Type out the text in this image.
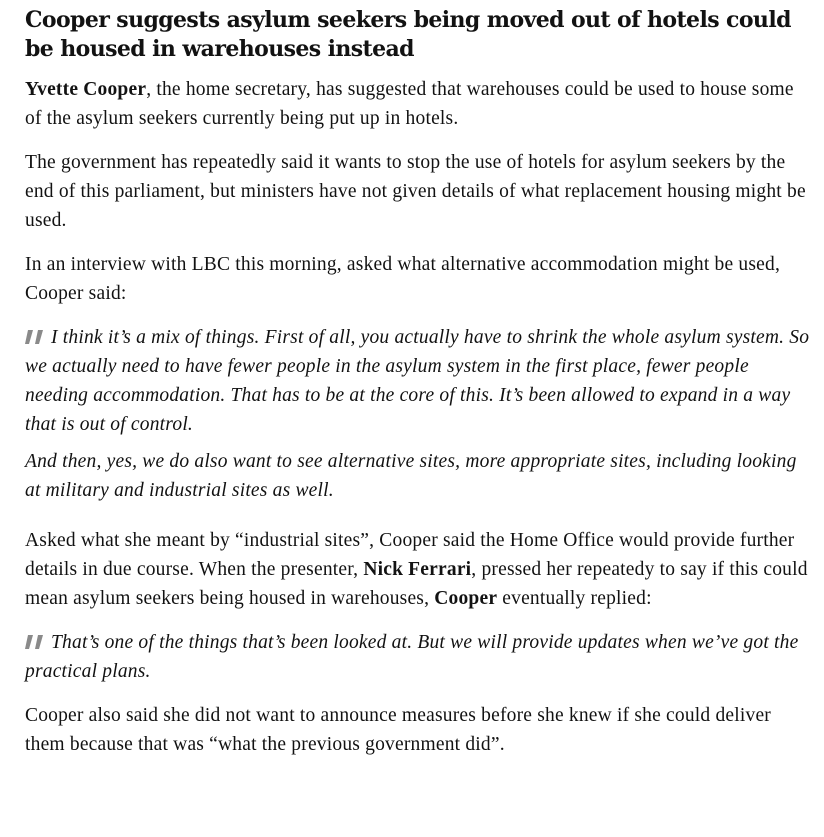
Cooper suggests asylum seekers being moved out of hotels could be housed in warehouses instead

Yvette Cooper, the home secretary, has suggested that warehouses could be used to house some of the asylum seekers currently being put up in hotels.

The government has repeatedly said it wants to stop the use of hotels for asylum seekers by the end of this parliament, but ministers have not given details of what replacement housing might be used.

In an interview with LBC this morning, asked what alternative accommodation might be used, Cooper said:

I think it’s a mix of things. First of all, you actually have to shrink the whole asylum system. So we actually need to have fewer people in the asylum system in the first place, fewer people needing accommodation. That has to be at the core of this. It’s been allowed to expand in a way that is out of control.

And then, yes, we do also want to see alternative sites, more appropriate sites, including looking at military and industrial sites as well.

Asked what she meant by “industrial sites”, Cooper said the Home Office would provide further details in due course. When the presenter, Nick Ferrari, pressed her repeatedy to say if this could mean asylum seekers being housed in warehouses, Cooper eventually replied:

That’s one of the things that’s been looked at. But we will provide updates when we’ve got the practical plans.

Cooper also said she did not want to announce measures before she knew if she could deliver them because that was “what the previous government did”.
